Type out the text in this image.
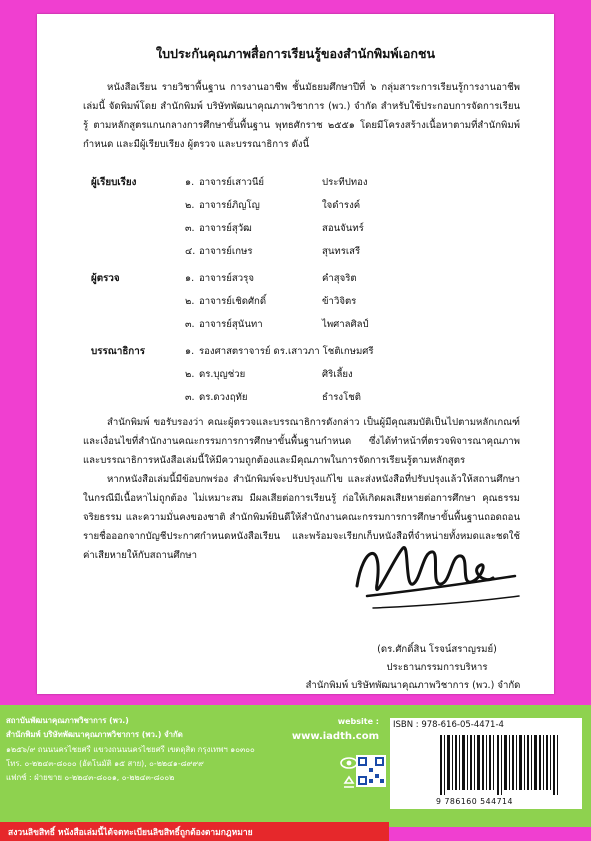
ใบประกันคุณภาพสื่อการเรียนรู้ของสำนักพิมพ์เอกชน

หนังสือเรียน รายวิชาพื้นฐาน การงานอาชีพ ชั้นมัธยมศึกษาปีที่ ๖ กลุ่มสาระการเรียนรู้การงานอาชีพ เล่มนี้ จัดพิมพ์โดย สำนักพิมพ์ บริษัทพัฒนาคุณภาพวิชาการ (พว.) จำกัด สำหรับใช้ประกอบการจัดการเรียนรู้ ตามหลักสูตรแกนกลางการศึกษาขั้นพื้นฐาน พุทธศักราช ๒๕๕๑ โดยมีโครงสร้างเนื้อหาตามที่สำนักพิมพ์กำหนด และมีผู้เรียบเรียง ผู้ตรวจ และบรรณาธิการ ดังนี้

ผู้เรียบเรียง	๑. อาจารย์เสาวนีย์	ประทีปทอง
๒. อาจารย์ภิญโญ	ใจดำรงค์
๓. อาจารย์สุวัฒ	สอนจันทร์
๔. อาจารย์เกษร	สุนทรเสรี
ผู้ตรวจ	๑. อาจารย์สวรุจ	คำสุจริต
๒. อาจารย์เชิดศักดิ์	ข้าวิจิตร
๓. อาจารย์สุนันทา	ไพศาลศิลป์
บรรณาธิการ	๑. รองศาสตราจารย์ ดร.เสาวภา โชติเกษมศรี
๒. ดร.บุญช่วย	ศิริเลี้ยง
๓. ดร.ดวงฤทัย	ธำรงโชติ

สำนักพิมพ์ ขอรับรองว่า คณะผู้ตรวจและบรรณาธิการดังกล่าว เป็นผู้มีคุณสมบัติเป็นไปตามหลักเกณฑ์และเงื่อนไขที่สำนักงานคณะกรรมการการศึกษาขั้นพื้นฐานกำหนด ซึ่งได้ทำหน้าที่ตรวจพิจารณาคุณภาพและบรรณาธิการหนังสือเล่มนี้ให้มีความถูกต้องและมีคุณภาพในการจัดการเรียนรู้ตามหลักสูตร

หากหนังสือเล่มนี้มีข้อบกพร่อง สำนักพิมพ์จะปรับปรุงแก้ไข และส่งหนังสือที่ปรับปรุงแล้วให้สถานศึกษา ในกรณีมีเนื้อหาไม่ถูกต้อง ไม่เหมาะสม มีผลเสียต่อการเรียนรู้ ก่อให้เกิดผลเสียหายต่อการศึกษา คุณธรรม จริยธรรม และความมั่นคงของชาติ สำนักพิมพ์ยินดีให้สำนักงานคณะกรรมการการศึกษาขั้นพื้นฐานถอดถอนรายชื่อออกจากบัญชีประกาศกำหนดหนังสือเรียน และพร้อมจะเรียกเก็บหนังสือที่จำหน่ายทั้งหมดและชดใช้ค่าเสียหายให้กับสถานศึกษา

(ดร.ศักดิ์สิน โรจน์สราญรมย์)
ประธานกรรมการบริหาร
สำนักพิมพ์ บริษัทพัฒนาคุณภาพวิชาการ (พว.) จำกัด
สถาบันพัฒนาคุณภาพวิชาการ (พว.)
สำนักพิมพ์ บริษัทพัฒนาคุณภาพวิชาการ (พว.) จำกัด
๑๒๕๖/๙ ถนนนครไชยศรี แขวงถนนนครไชยศรี เขตดุสิต กรุงเทพฯ ๑๐๓๐๐
โทร. ๐-๒๒๔๓-๘๐๐๐ (อัตโนมัติ ๑๕ สาย), ๐-๒๒๔๑-๘๙๙๙
แฟกซ์ : ฝ่ายขาย ๐-๒๒๔๓-๘๐๐๑, ๐-๒๒๔๓-๘๐๐๒
website :
www.iadth.com
ISBN : 978-616-05-4471-4
9 786160 544714
สงวนลิขสิทธิ์ หนังสือเล่มนี้ได้จดทะเบียนลิขสิทธิ์ถูกต้องตามกฎหมาย
